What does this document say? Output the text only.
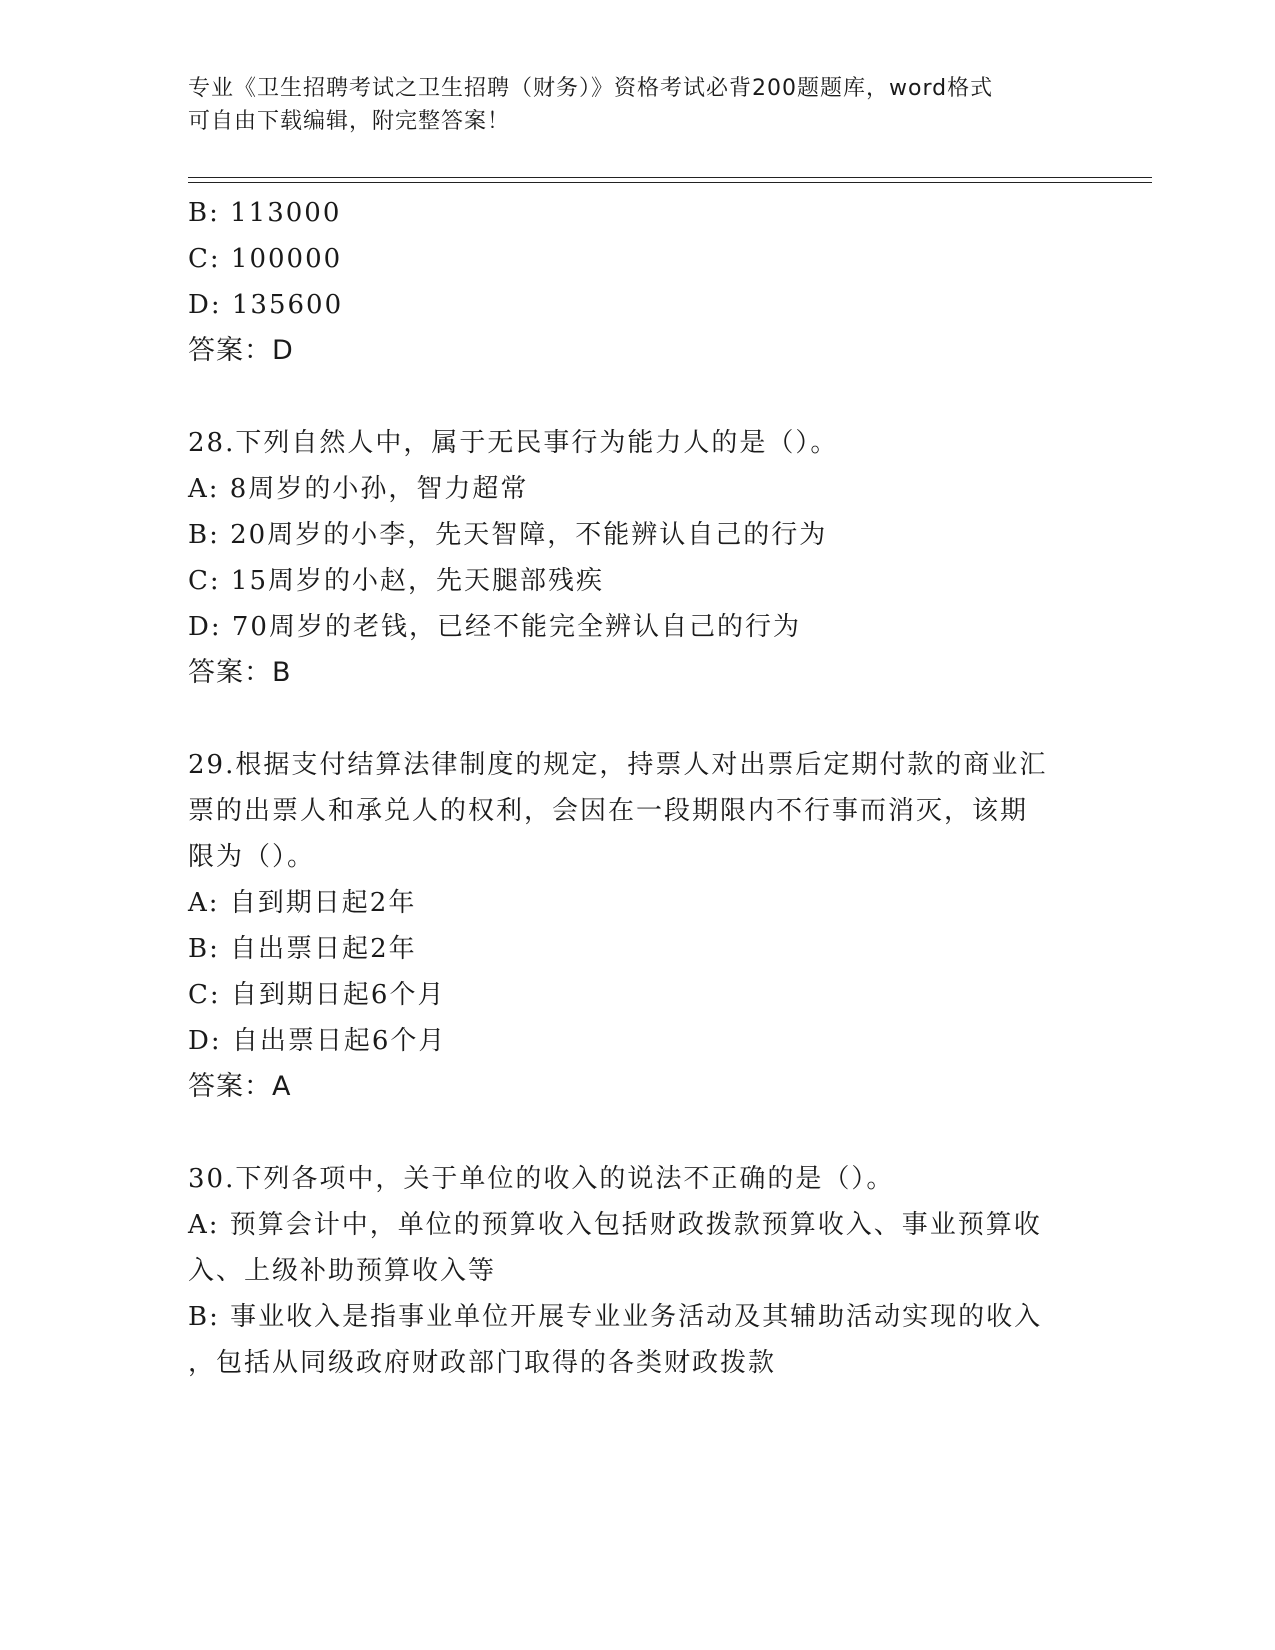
专业《卫生招聘考试之卫生招聘（财务）》资格考试必背200题题库，word格式
可自由下载编辑，附完整答案！
B: 113000
C: 100000
D: 135600
答案：D
28.下列自然人中，属于无民事行为能力人的是（）。
A: 8周岁的小孙，智力超常
B: 20周岁的小李，先天智障，不能辨认自己的行为
C: 15周岁的小赵，先天腿部残疾
D: 70周岁的老钱，已经不能完全辨认自己的行为
答案：B
29.根据支付结算法律制度的规定，持票人对出票后定期付款的商业汇
票的出票人和承兑人的权利，会因在一段期限内不行事而消灭，该期
限为（）。
A: 自到期日起2年
B: 自出票日起2年
C: 自到期日起6个月
D: 自出票日起6个月
答案：A
30.下列各项中，关于单位的收入的说法不正确的是（）。
A: 预算会计中，单位的预算收入包括财政拨款预算收入、事业预算收
入、上级补助预算收入等
B: 事业收入是指事业单位开展专业业务活动及其辅助活动实现的收入
，包括从同级政府财政部门取得的各类财政拨款
